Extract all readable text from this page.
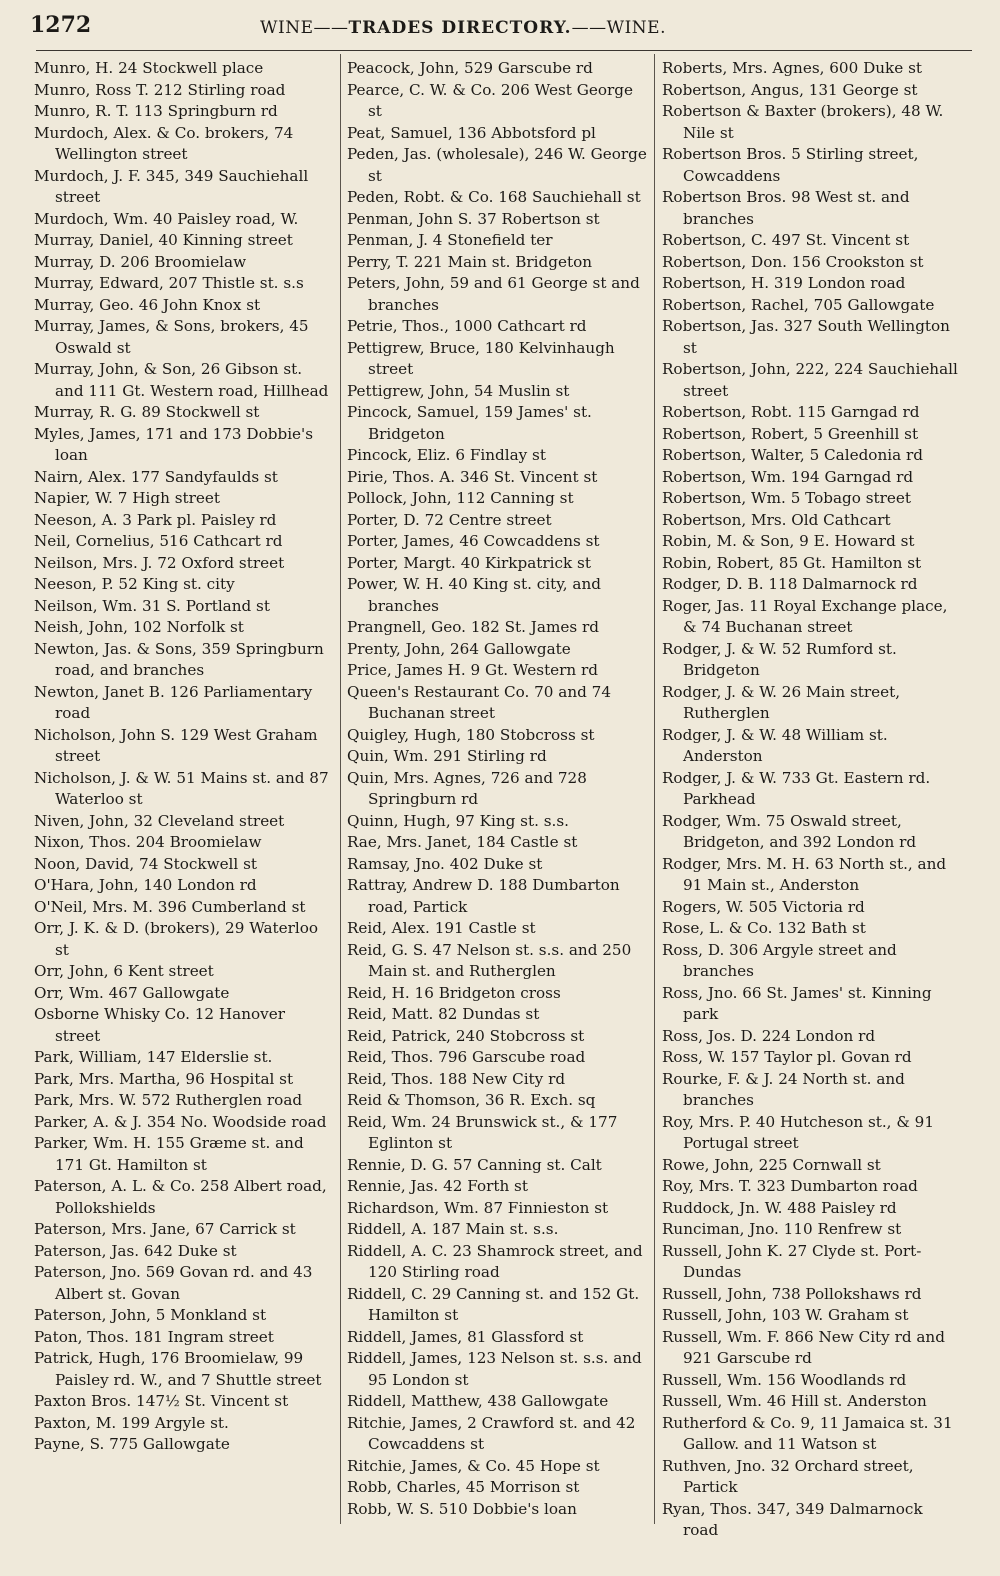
1272	WINE——TRADES DIRECTORY.——WINE.

Munro, H. 24 Stockwell place

Munro, Ross T. 212 Stirling road

Munro, R. T. 113 Springburn rd

Murdoch, Alex. & Co. brokers, 74 Wellington street

Murdoch, J. F. 345, 349 Sauchiehall street

Murdoch, Wm. 40 Paisley road, W.

Murray, Daniel, 40 Kinning street

Murray, D. 206 Broomielaw

Murray, Edward, 207 Thistle st. s.s

Murray, Geo. 46 John Knox st

Murray, James, & Sons, brokers, 45 Oswald st

Murray, John, & Son, 26 Gibson st. and 111 Gt. Western road, Hillhead

Murray, R. G. 89 Stockwell st

Myles, James, 171 and 173 Dobbie's loan

Nairn, Alex. 177 Sandyfaulds st

Napier, W. 7 High street

Neeson, A. 3 Park pl. Paisley rd

Neil, Cornelius, 516 Cathcart rd

Neilson, Mrs. J. 72 Oxford street

Neeson, P. 52 King st. city

Neilson, Wm. 31 S. Portland st

Neish, John, 102 Norfolk st

Newton, Jas. & Sons, 359 Springburn road, and branches

Newton, Janet B. 126 Parliamentary road

Nicholson, John S. 129 West Graham street

Nicholson, J. & W. 51 Mains st. and 87 Waterloo st

Niven, John, 32 Cleveland street

Nixon, Thos. 204 Broomielaw

Noon, David, 74 Stockwell st

O'Hara, John, 140 London rd

O'Neil, Mrs. M. 396 Cumberland st

Orr, J. K. & D. (brokers), 29 Waterloo st

Orr, John, 6 Kent street

Orr, Wm. 467 Gallowgate

Osborne Whisky Co. 12 Hanover street

Park, William, 147 Elderslie st.

Park, Mrs. Martha, 96 Hospital st

Park, Mrs. W. 572 Rutherglen road

Parker, A. & J. 354 No. Woodside road

Parker, Wm. H. 155 Græme st. and 171 Gt. Hamilton st

Paterson, A. L. & Co. 258 Albert road, Pollokshields

Paterson, Mrs. Jane, 67 Carrick st

Paterson, Jas. 642 Duke st

Paterson, Jno. 569 Govan rd. and 43 Albert st. Govan

Paterson, John, 5 Monkland st

Paton, Thos. 181 Ingram street

Patrick, Hugh, 176 Broomielaw, 99 Paisley rd. W., and 7 Shuttle street

Paxton Bros. 147½ St. Vincent st

Paxton, M. 199 Argyle st.

Payne, S. 775 Gallowgate

Peacock, John, 529 Garscube rd

Pearce, C. W. & Co. 206 West George st

Peat, Samuel, 136 Abbotsford pl

Peden, Jas. (wholesale), 246 W. George st

Peden, Robt. & Co. 168 Sauchiehall st

Penman, John S. 37 Robertson st

Penman, J. 4 Stonefield ter

Perry, T. 221 Main st. Bridgeton

Peters, John, 59 and 61 George st and branches

Petrie, Thos., 1000 Cathcart rd

Pettigrew, Bruce, 180 Kelvinhaugh street

Pettigrew, John, 54 Muslin st

Pincock, Samuel, 159 James' st. Bridgeton

Pincock, Eliz. 6 Findlay st

Pirie, Thos. A. 346 St. Vincent st

Pollock, John, 112 Canning st

Porter, D. 72 Centre street

Porter, James, 46 Cowcaddens st

Porter, Margt. 40 Kirkpatrick st

Power, W. H. 40 King st. city, and branches

Prangnell, Geo. 182 St. James rd

Prenty, John, 264 Gallowgate

Price, James H. 9 Gt. Western rd

Queen's Restaurant Co. 70 and 74 Buchanan street

Quigley, Hugh, 180 Stobcross st

Quin, Wm. 291 Stirling rd

Quin, Mrs. Agnes, 726 and 728 Springburn rd

Quinn, Hugh, 97 King st. s.s.

Rae, Mrs. Janet, 184 Castle st

Ramsay, Jno. 402 Duke st

Rattray, Andrew D. 188 Dumbarton road, Partick

Reid, Alex. 191 Castle st

Reid, G. S. 47 Nelson st. s.s. and 250 Main st. and Rutherglen

Reid, H. 16 Bridgeton cross

Reid, Matt. 82 Dundas st

Reid, Patrick, 240 Stobcross st

Reid, Thos. 796 Garscube road

Reid, Thos. 188 New City rd

Reid & Thomson, 36 R. Exch. sq

Reid, Wm. 24 Brunswick st., & 177 Eglinton st

Rennie, D. G. 57 Canning st. Calt

Rennie, Jas. 42 Forth st

Richardson, Wm. 87 Finnieston st

Riddell, A. 187 Main st. s.s.

Riddell, A. C. 23 Shamrock street, and 120 Stirling road

Riddell, C. 29 Canning st. and 152 Gt. Hamilton st

Riddell, James, 81 Glassford st

Riddell, James, 123 Nelson st. s.s. and 95 London st

Riddell, Matthew, 438 Gallowgate

Ritchie, James, 2 Crawford st. and 42 Cowcaddens st

Ritchie, James, & Co. 45 Hope st

Robb, Charles, 45 Morrison st

Robb, W. S. 510 Dobbie's loan

Roberts, Mrs. Agnes, 600 Duke st

Robertson, Angus, 131 George st

Robertson & Baxter (brokers), 48 W. Nile st

Robertson Bros. 5 Stirling street, Cowcaddens

Robertson Bros. 98 West st. and branches

Robertson, C. 497 St. Vincent st

Robertson, Don. 156 Crookston st

Robertson, H. 319 London road

Robertson, Rachel, 705 Gallowgate

Robertson, Jas. 327 South Wellington st

Robertson, John, 222, 224 Sauchiehall street

Robertson, Robt. 115 Garngad rd

Robertson, Robert, 5 Greenhill st

Robertson, Walter, 5 Caledonia rd

Robertson, Wm. 194 Garngad rd

Robertson, Wm. 5 Tobago street

Robertson, Mrs. Old Cathcart

Robin, M. & Son, 9 E. Howard st

Robin, Robert, 85 Gt. Hamilton st

Rodger, D. B. 118 Dalmarnock rd

Roger, Jas. 11 Royal Exchange place, & 74 Buchanan street

Rodger, J. & W. 52 Rumford st. Bridgeton

Rodger, J. & W. 26 Main street, Rutherglen

Rodger, J. & W. 48 William st. Anderston

Rodger, J. & W. 733 Gt. Eastern rd. Parkhead

Rodger, Wm. 75 Oswald street, Bridgeton, and 392 London rd

Rodger, Mrs. M. H. 63 North st., and 91 Main st., Anderston

Rogers, W. 505 Victoria rd

Rose, L. & Co. 132 Bath st

Ross, D. 306 Argyle street and branches

Ross, Jno. 66 St. James' st. Kinning park

Ross, Jos. D. 224 London rd

Ross, W. 157 Taylor pl. Govan rd

Rourke, F. & J. 24 North st. and branches

Roy, Mrs. P. 40 Hutcheson st., & 91 Portugal street

Rowe, John, 225 Cornwall st

Roy, Mrs. T. 323 Dumbarton road

Ruddock, Jn. W. 488 Paisley rd

Runciman, Jno. 110 Renfrew st

Russell, John K. 27 Clyde st. Port-Dundas

Russell, John, 738 Pollokshaws rd

Russell, John, 103 W. Graham st

Russell, Wm. F. 866 New City rd and 921 Garscube rd

Russell, Wm. 156 Woodlands rd

Russell, Wm. 46 Hill st. Anderston

Rutherford & Co. 9, 11 Jamaica st. 31 Gallow. and 11 Watson st

Ruthven, Jno. 32 Orchard street, Partick

Ryan, Thos. 347, 349 Dalmarnock road
